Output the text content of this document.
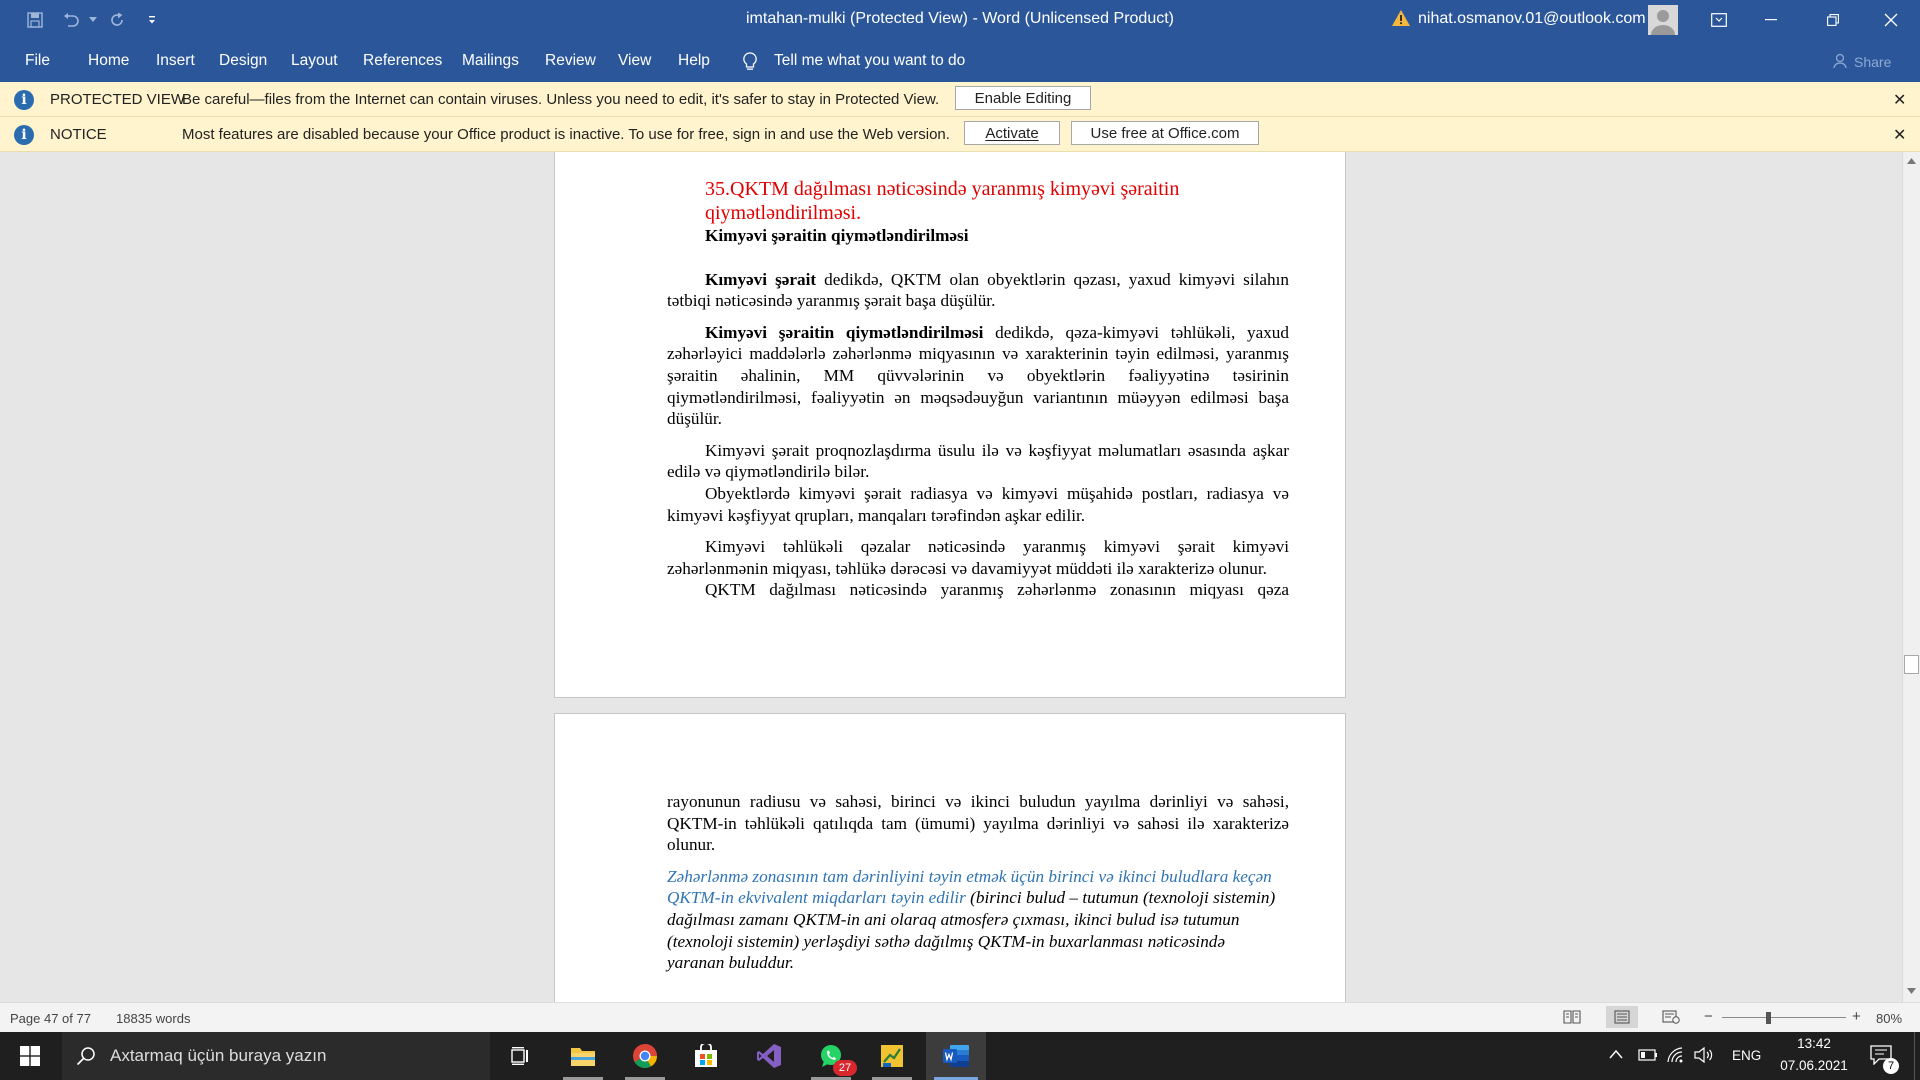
imtahan-mulki (Protected View) - Word (Unlicensed Product)	nihat.osmanov.01@outlook.com
File Home Insert Design Layout References Mailings Review View Help	Tell me what you want to do	Share
i	PROTECTED VIEW
Be careful—files from the Internet can contain viruses. Unless you need to edit, it's safer to stay in Protected View.	Enable Editing	✕
i	NOTICE	Most features are disabled because your Office product is inactive. To use for free, sign in and use the Web version.	Activate	Use free at Office.com	✕
35.QKTM dağılması nəticəsində yaranmış kimyəvi şəraitin qiymətləndirilməsi.
Kimyəvi şəraitin qiymətləndirilməsi

Kımyəvi şərait dedikdə, QKTM olan obyektlərin qəzası, yaxud kimyəvi silahın tətbiqi nəticəsində yaranmış şərait başa düşülür.

Kimyəvi şəraitin qiymətləndirilməsi dedikdə, qəza-kimyəvi təhlükəli, yaxud zəhərləyici maddələrlə zəhərlənmə miqyasının və xarakterinin təyin edilməsi, yaranmış şəraitin əhalinin, MM qüvvələrinin və obyektlərin fəaliyyətinə təsirinin qiymətləndirilməsi, fəaliyyətin ən məqsədəuyğun variantının müəyyən edilməsi başa düşülür.

Kimyəvi şərait proqnozlaşdırma üsulu ilə və kəşfiyyat məlumatları əsasında aşkar edilə və qiymətləndirilə bilər.

Obyektlərdə kimyəvi şərait radiasya və kimyəvi müşahidə postları, radiasya və kimyəvi kəşfiyyat qrupları, manqaları tərəfindən aşkar edilir.

Kimyəvi təhlükəli qəzalar nəticəsində yaranmış kimyəvi şərait kimyəvi zəhərlənmənin miqyası, təhlükə dərəcəsi və davamiyyət müddəti ilə xarakterizə olunur.

QKTM dağılması nəticəsində yaranmış zəhərlənmə zonasının miqyası qəza

rayonunun radiusu və sahəsi, birinci və ikinci buludun yayılma dərinliyi və sahəsi, QKTM-in təhlükəli qatılıqda tam (ümumi) yayılma dərinliyi və sahəsi ilə xarakterizə olunur.

Zəhərlənmə zonasının tam dərinliyini təyin etmək üçün birinci və ikinci buludlara keçən QKTM-in ekvivalent miqdarları təyin edilir (birinci bulud – tutumun (texnoloji sistemin) dağılması zamanı QKTM-in ani olaraq atmosferə çıxması, ikinci bulud isə tutumun (texnoloji sistemin) yerləşdiyi səthə dağılmış QKTM-in buxarlanması nəticəsində yaranan buluddur.

Page 47 of 77 18835 words	−	+ 80%
Axtarmaq üçün buraya yazın
27
ENG
13:42
07.06.2021	7
